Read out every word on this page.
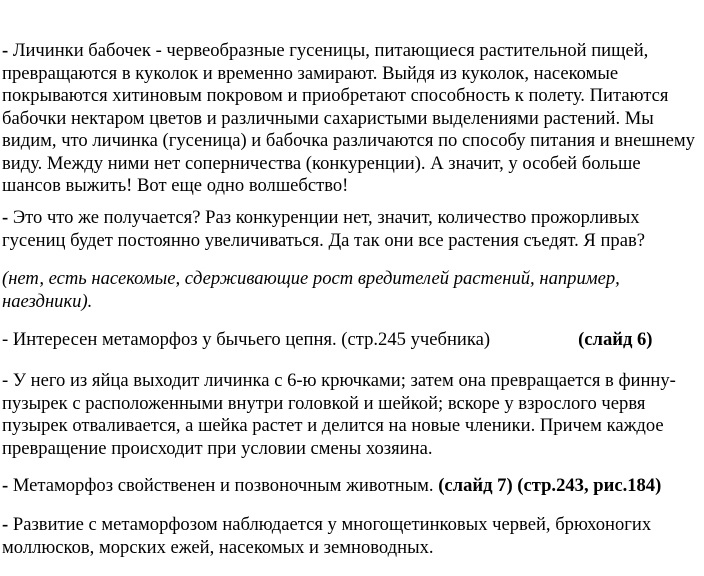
- Личинки бабочек - червеобразные гусеницы, питающиеся растительной пищей,
превращаются в куколок и временно замирают. Выйдя из куколок, насекомые
покрываются хитиновым покровом и приобретают способность к полету. Питаются
бабочки нектаром цветов и различными сахаристыми выделениями растений. Мы
видим, что личинка (гусеница) и бабочка различаются по способу питания и внешнему
виду. Между ними нет соперничества (конкуренции). А значит, у особей больше
шансов выжить! Вот еще одно волшебство!
- Это что же получается? Раз конкуренции нет, значит, количество прожорливых
гусениц будет постоянно увеличиваться. Да так они все растения съедят. Я прав?
(нет, есть насекомые, сдерживающие рост вредителей растений, например,
наездники).
- Интересен метаморфоз у бычьего цепня. (стр.245 учебника)	(слайд 6)
- У него из яйца выходит личинка с 6-ю крючками; затем она превращается в финну-
пузырек с расположенными внутри головкой и шейкой; вскоре у взрослого червя
пузырек отваливается, а шейка растет и делится на новые членики. Причем каждое
превращение происходит при условии смены хозяина.
- Метаморфоз свойственен и позвоночным животным. (слайд 7) (стр.243, рис.184)
- Развитие с метаморфозом наблюдается у многощетинковых червей, брюхоногих
моллюсков, морских ежей, насекомых и земноводных.
